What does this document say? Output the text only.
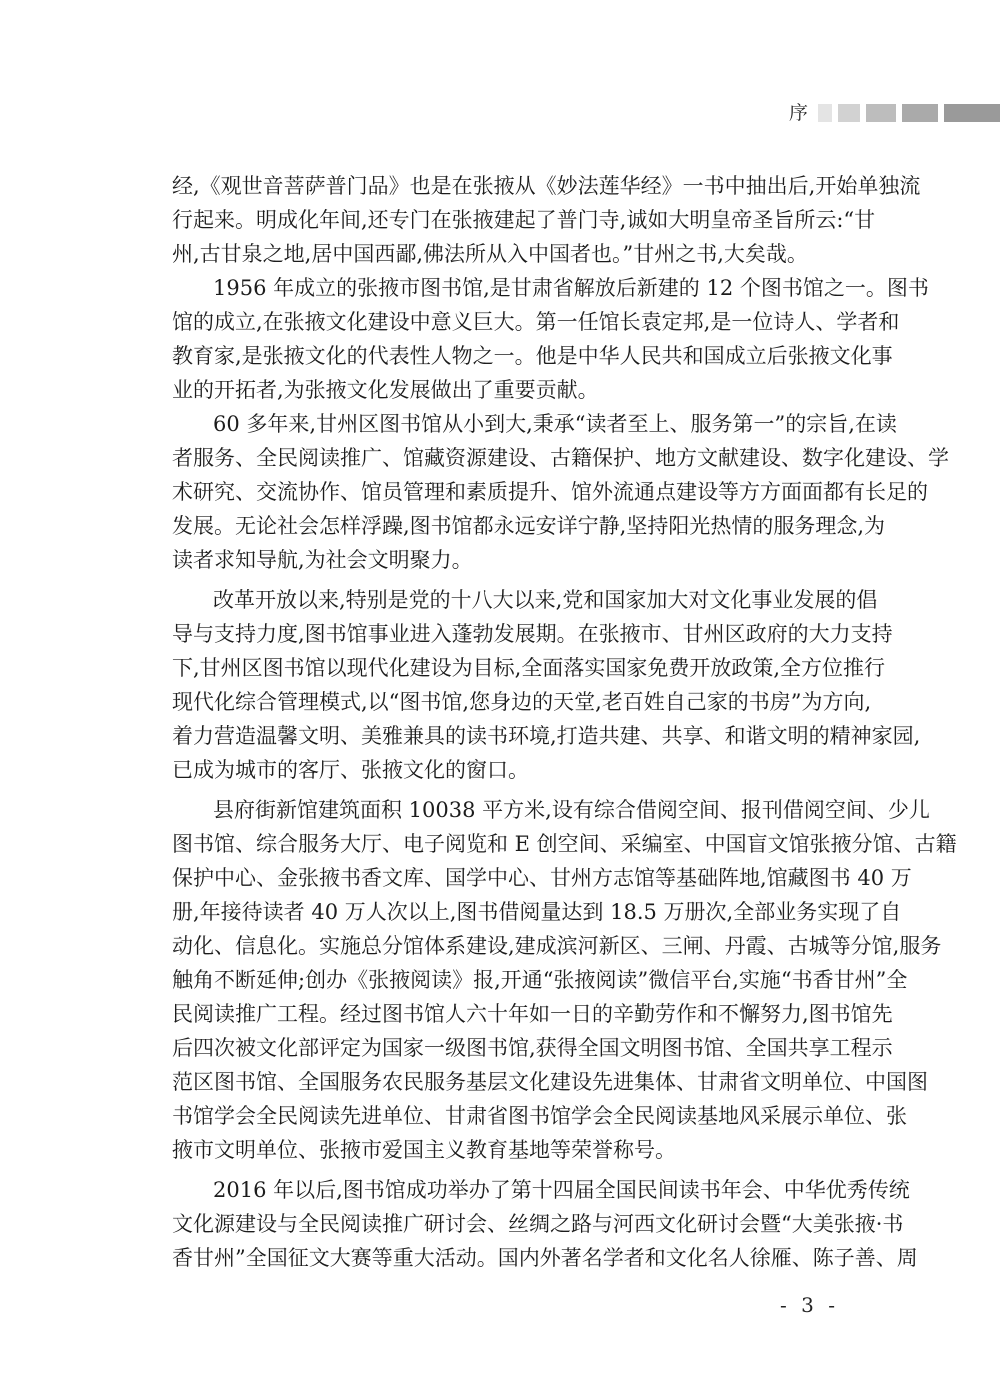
序
经,《观世音菩萨普门品》也是在张掖从《妙法莲华经》一书中抽出后,开始单独流
行起来。明成化年间,还专门在张掖建起了普门寺,诚如大明皇帝圣旨所云:“甘
州,古甘泉之地,居中国西鄙,佛法所从入中国者也。”甘州之书,大矣哉。
1956 年成立的张掖市图书馆,是甘肃省解放后新建的 12 个图书馆之一。图书
馆的成立,在张掖文化建设中意义巨大。第一任馆长袁定邦,是一位诗人、学者和
教育家,是张掖文化的代表性人物之一。他是中华人民共和国成立后张掖文化事
业的开拓者,为张掖文化发展做出了重要贡献。
60 多年来,甘州区图书馆从小到大,秉承“读者至上、服务第一”的宗旨,在读
者服务、全民阅读推广、馆藏资源建设、古籍保护、地方文献建设、数字化建设、学
术研究、交流协作、馆员管理和素质提升、馆外流通点建设等方方面面都有长足的
发展。无论社会怎样浮躁,图书馆都永远安详宁静,坚持阳光热情的服务理念,为
读者求知导航,为社会文明聚力。
改革开放以来,特别是党的十八大以来,党和国家加大对文化事业发展的倡
导与支持力度,图书馆事业进入蓬勃发展期。在张掖市、甘州区政府的大力支持
下,甘州区图书馆以现代化建设为目标,全面落实国家免费开放政策,全方位推行
现代化综合管理模式,以“图书馆,您身边的天堂,老百姓自己家的书房”为方向,
着力营造温馨文明、美雅兼具的读书环境,打造共建、共享、和谐文明的精神家园,
已成为城市的客厅、张掖文化的窗口。
县府街新馆建筑面积 10038 平方米,设有综合借阅空间、报刊借阅空间、少儿
图书馆、综合服务大厅、电子阅览和 E 创空间、采编室、中国盲文馆张掖分馆、古籍
保护中心、金张掖书香文库、国学中心、甘州方志馆等基础阵地,馆藏图书 40 万
册,年接待读者 40 万人次以上,图书借阅量达到 18.5 万册次,全部业务实现了自
动化、信息化。实施总分馆体系建设,建成滨河新区、三闸、丹霞、古城等分馆,服务
触角不断延伸;创办《张掖阅读》报,开通“张掖阅读”微信平台,实施“书香甘州”全
民阅读推广工程。经过图书馆人六十年如一日的辛勤劳作和不懈努力,图书馆先
后四次被文化部评定为国家一级图书馆,获得全国文明图书馆、全国共享工程示
范区图书馆、全国服务农民服务基层文化建设先进集体、甘肃省文明单位、中国图
书馆学会全民阅读先进单位、甘肃省图书馆学会全民阅读基地风采展示单位、张
掖市文明单位、张掖市爱国主义教育基地等荣誉称号。
2016 年以后,图书馆成功举办了第十四届全国民间读书年会、中华优秀传统
文化源建设与全民阅读推广研讨会、丝绸之路与河西文化研讨会暨“大美张掖·书
香甘州”全国征文大赛等重大活动。国内外著名学者和文化名人徐雁、陈子善、周
- 3 -
